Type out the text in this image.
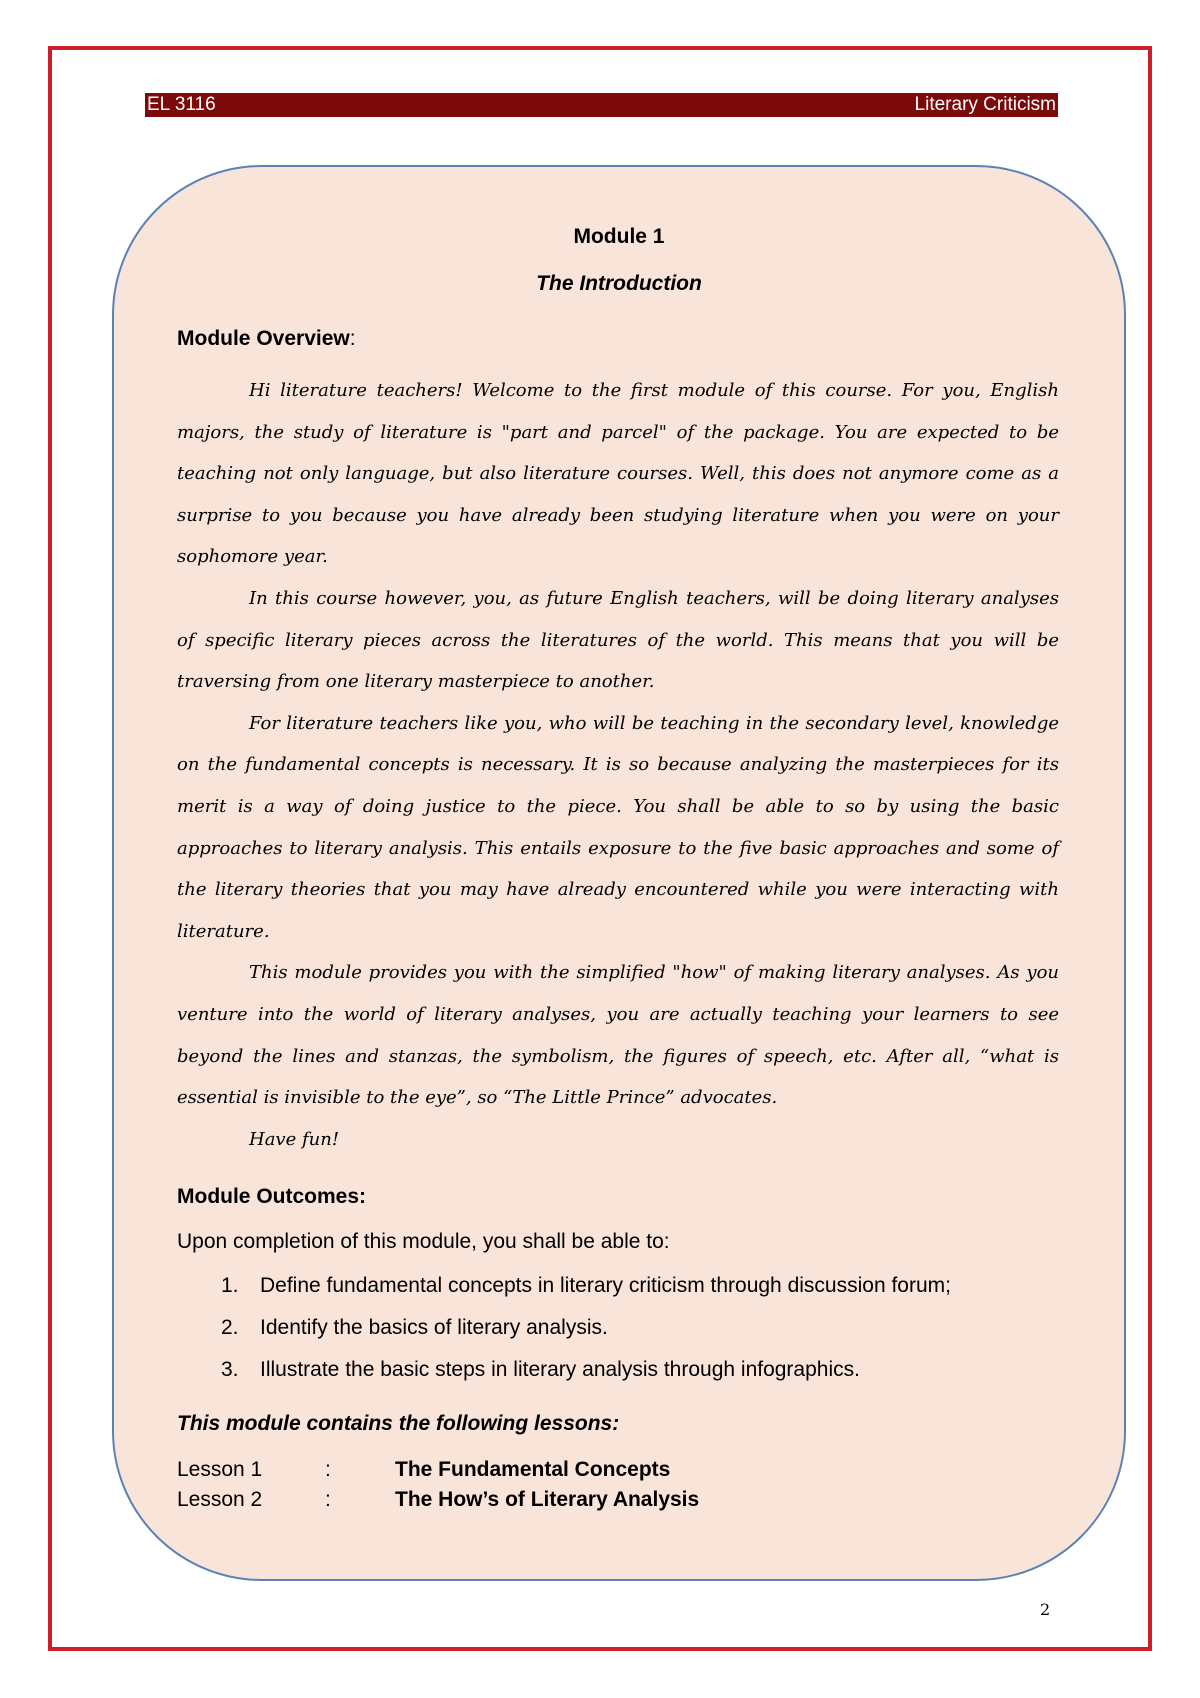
EL 3116	Literary Criticism
Module 1
The Introduction
Module Overview:

Hi literature teachers! Welcome to the first module of this course. For you, English majors, the study of literature is "part and parcel" of the package. You are expected to be teaching not only language, but also literature courses. Well, this does not anymore come as a surprise to you because you have already been studying literature when you were on your sophomore year.

In this course however, you, as future English teachers, will be doing literary analyses of specific literary pieces across the literatures of the world. This means that you will be traversing from one literary masterpiece to another.

For literature teachers like you, who will be teaching in the secondary level, knowledge on the fundamental concepts is necessary. It is so because analyzing the masterpieces for its merit is a way of doing justice to the piece. You shall be able to so by using the basic approaches to literary analysis. This entails exposure to the five basic approaches and some of the literary theories that you may have already encountered while you were interacting with literature.

This module provides you with the simplified "how" of making literary analyses. As you venture into the world of literary analyses, you are actually teaching your learners to see beyond the lines and stanzas, the symbolism, the figures of speech, etc. After all, “what is essential is invisible to the eye”, so “The Little Prince” advocates.

Have fun!

Module Outcomes:
Upon completion of this module, you shall be able to:
1. Define fundamental concepts in literary criticism through discussion forum;
2. Identify the basics of literary analysis.
3. Illustrate the basic steps in literary analysis through infographics.
This module contains the following lessons:
Lesson 1	:	The Fundamental Concepts
Lesson 2	:	The How’s of Literary Analysis
2
